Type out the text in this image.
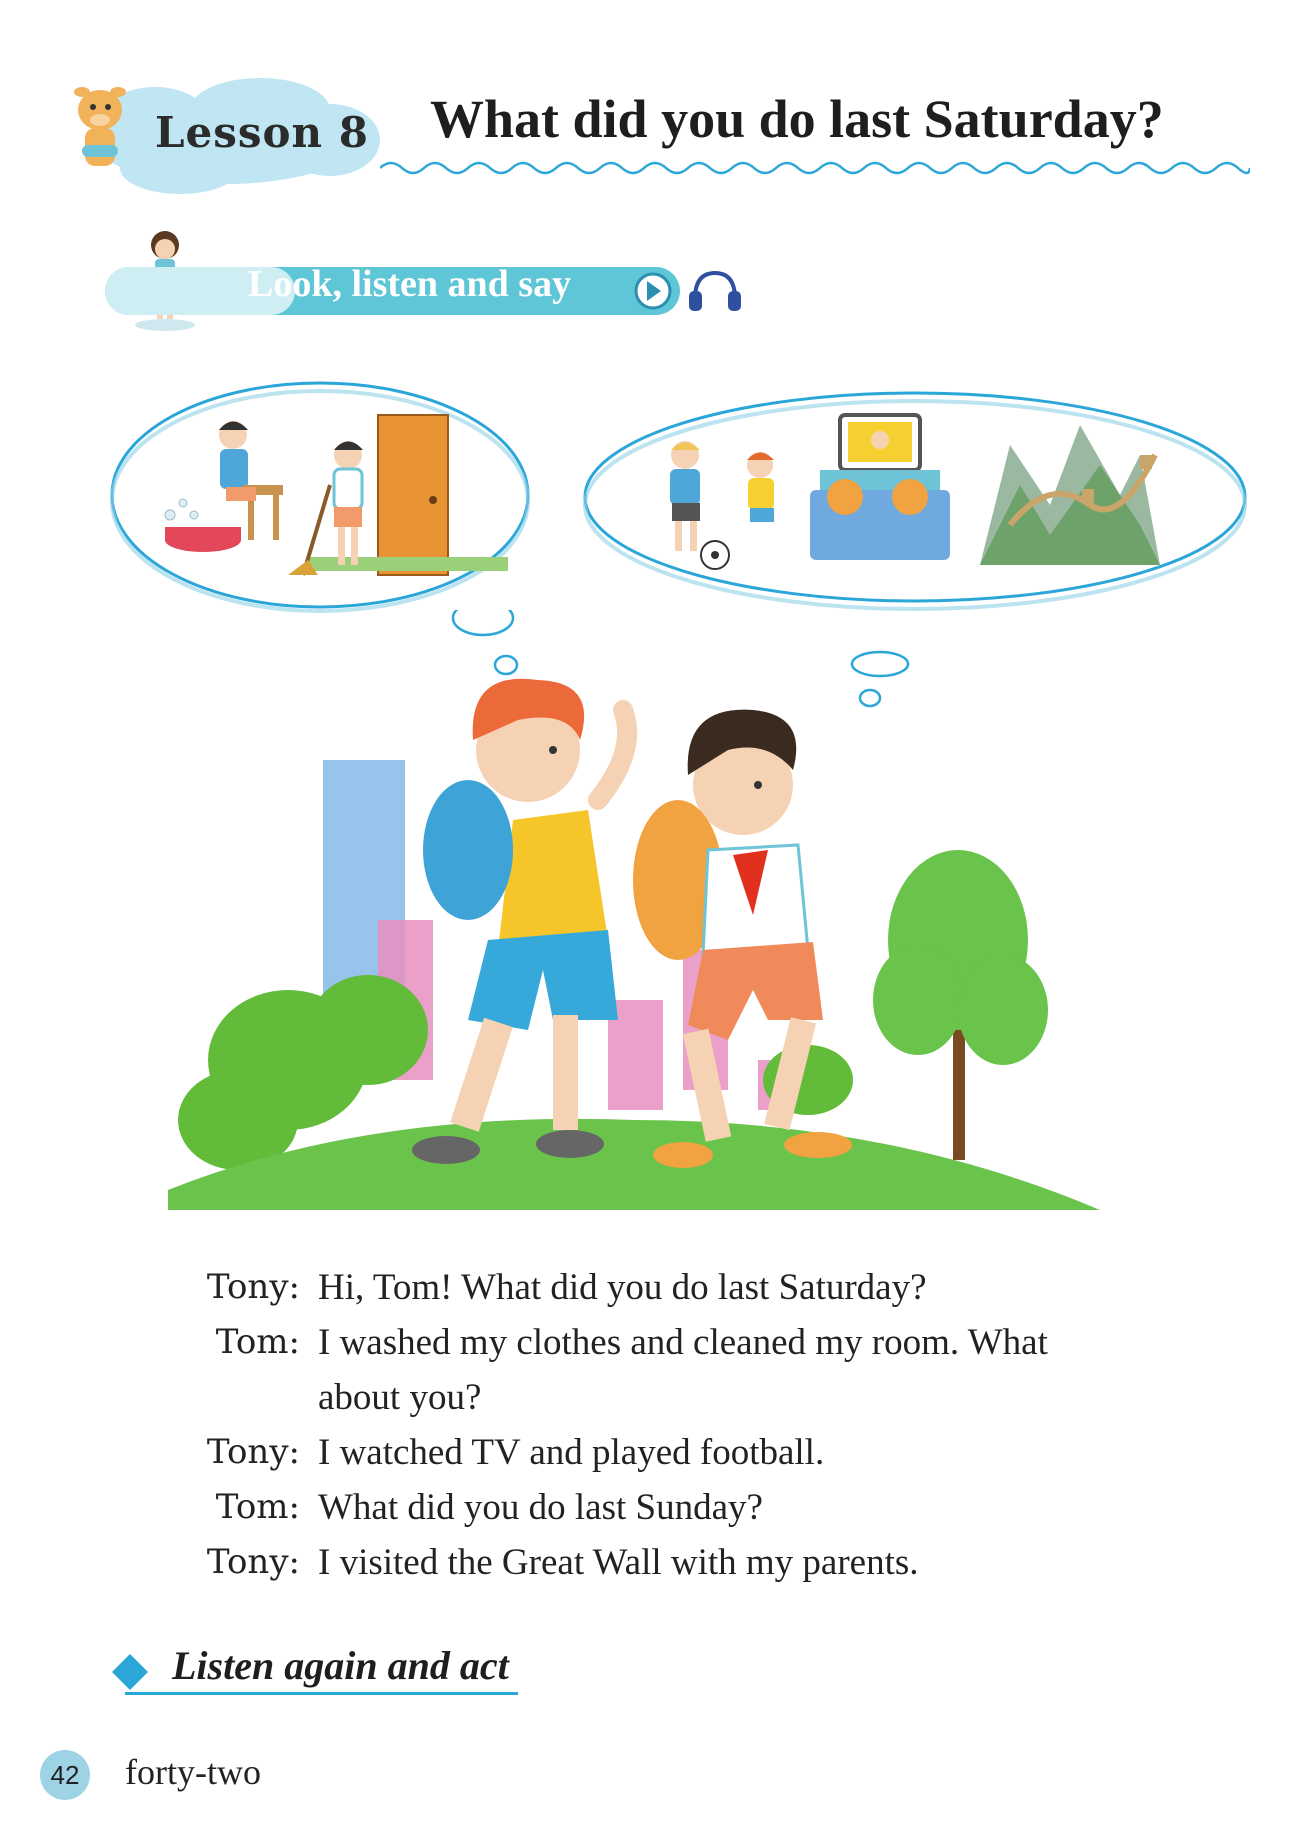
Lesson 8 What did you do last Saturday?
Look, listen and say
Tony: Hi, Tom! What did you do last Saturday?
Tom: I washed my clothes and cleaned my room. What about you?
Tony: I watched TV and played football.
Tom: What did you do last Sunday?
Tony: I visited the Great Wall with my parents.
Listen again and act
42 forty-two
